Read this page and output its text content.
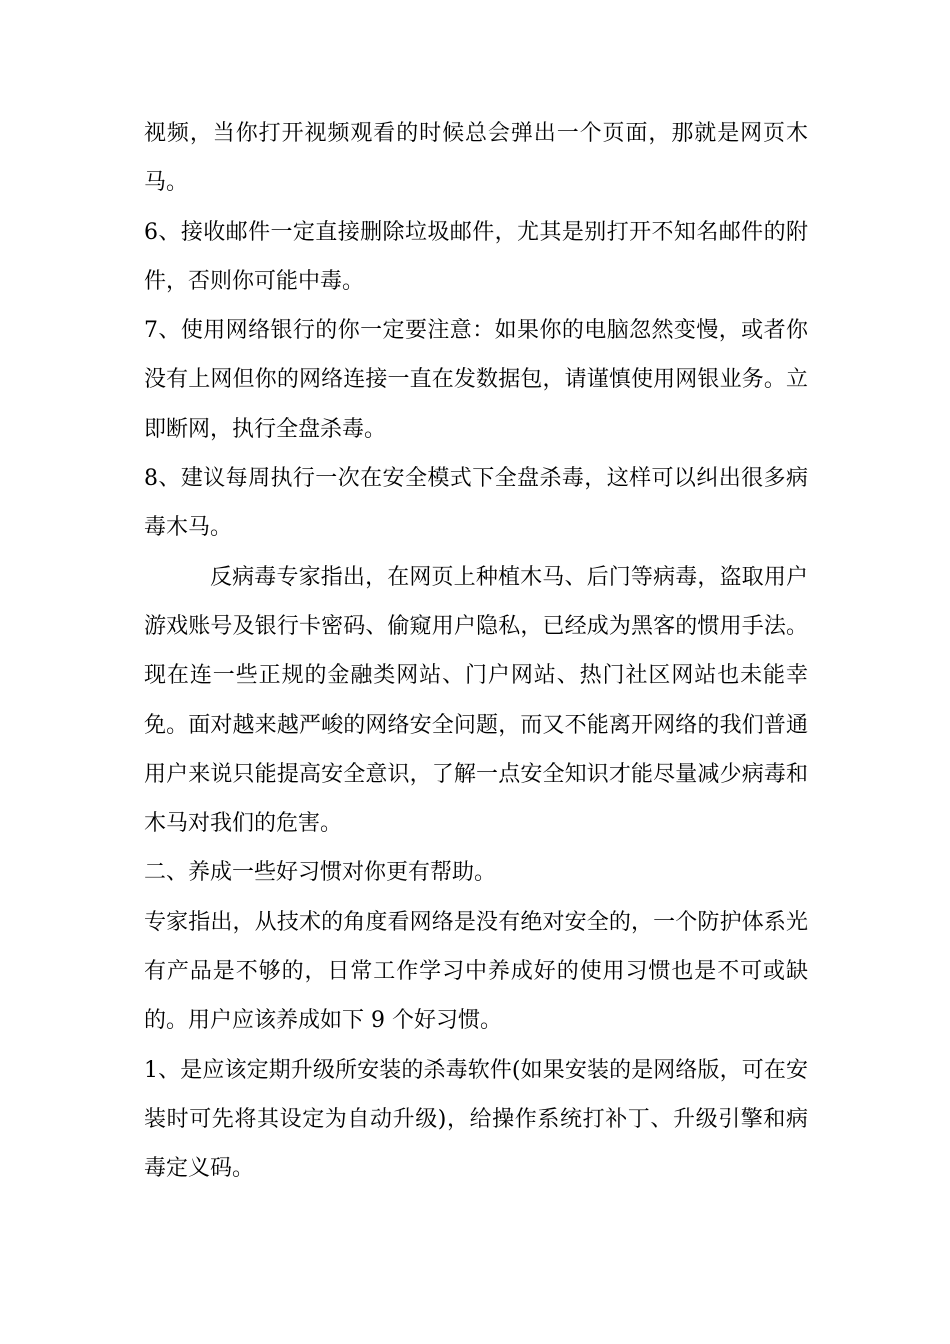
视频，当你打开视频观看的时候总会弹出一个页面，那就是网页木马。

6、接收邮件一定直接删除垃圾邮件，尤其是别打开不知名邮件的附件，否则你可能中毒。

7、使用网络银行的你一定要注意：如果你的电脑忽然变慢，或者你没有上网但你的网络连接一直在发数据包，请谨慎使用网银业务。立即断网，执行全盘杀毒。

8、建议每周执行一次在安全模式下全盘杀毒，这样可以纠出很多病毒木马。

反病毒专家指出，在网页上种植木马、后门等病毒，盗取用户游戏账号及银行卡密码、偷窥用户隐私，已经成为黑客的惯用手法。现在连一些正规的金融类网站、门户网站、热门社区网站也未能幸免。面对越来越严峻的网络安全问题，而又不能离开网络的我们普通用户来说只能提高安全意识，了解一点安全知识才能尽量减少病毒和木马对我们的危害。

二、养成一些好习惯对你更有帮助。

专家指出，从技术的角度看网络是没有绝对安全的，一个防护体系光有产品是不够的，日常工作学习中养成好的使用习惯也是不可或缺的。用户应该养成如下 9 个好习惯。

1、是应该定期升级所安装的杀毒软件(如果安装的是网络版，可在安装时可先将其设定为自动升级)，给操作系统打补丁、升级引擎和病毒定义码。
